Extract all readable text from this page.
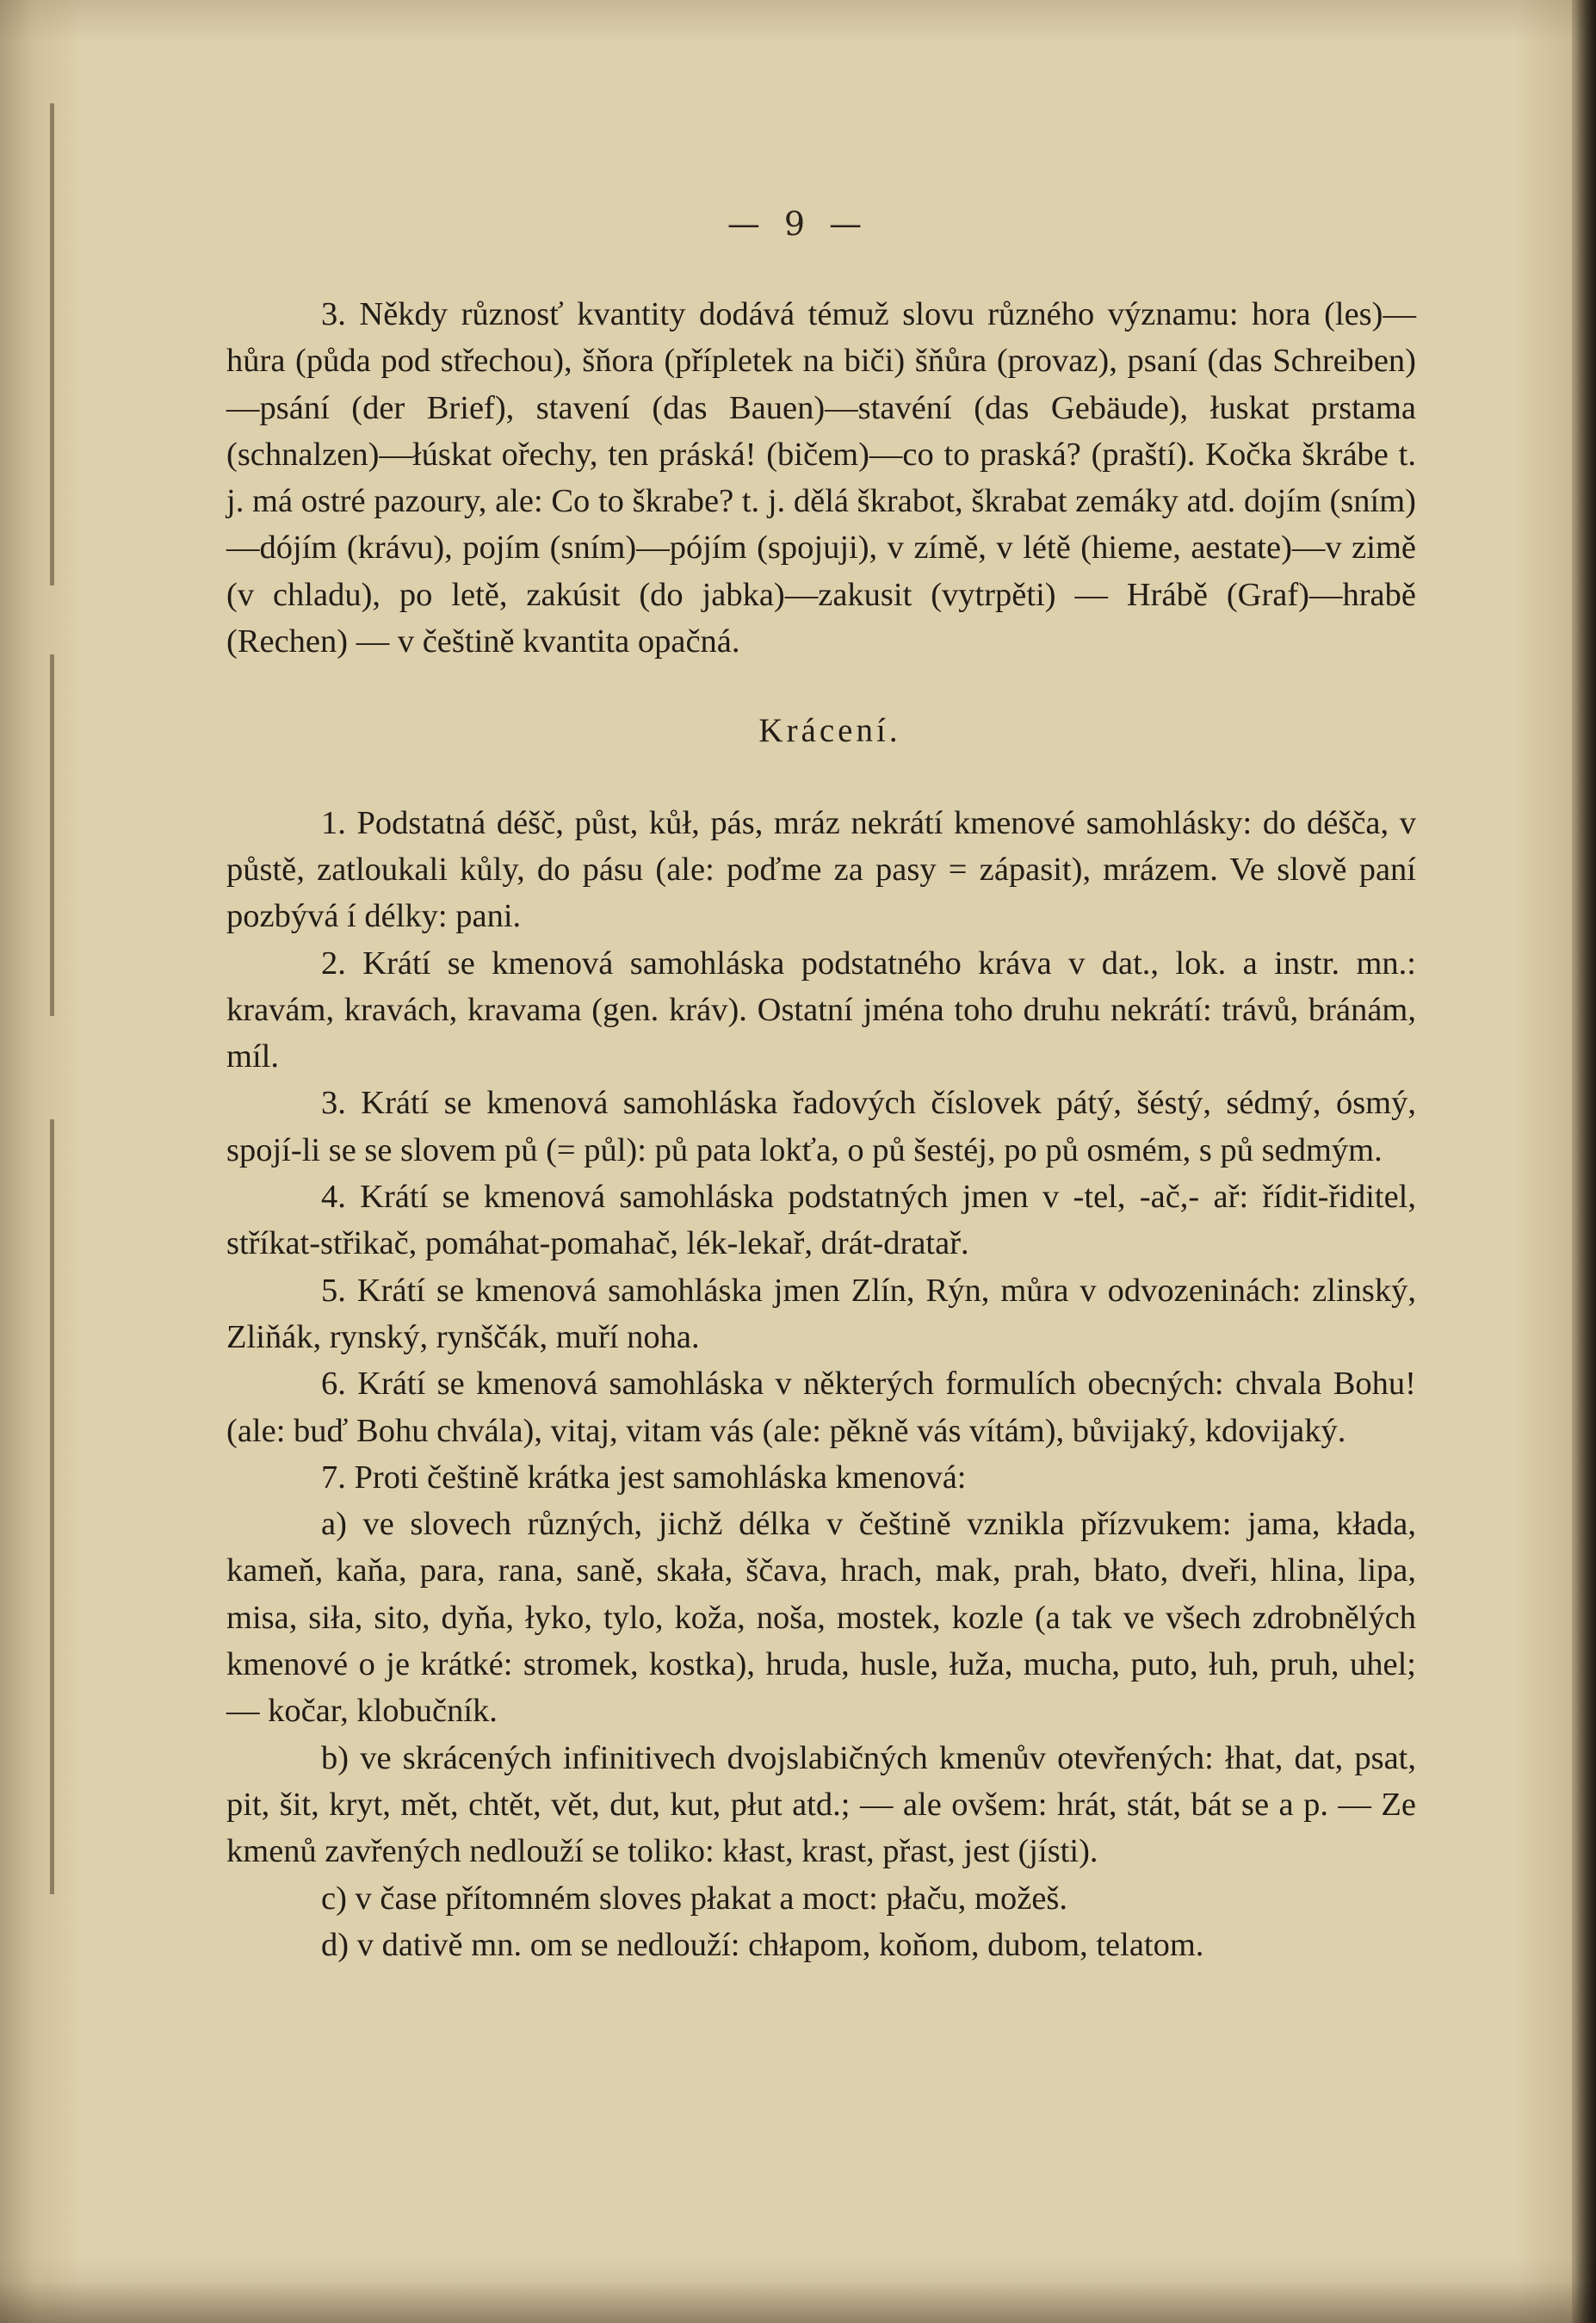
— 9 —

3. Někdy různosť kvantity dodává témuž slovu různého významu: hora (les)—hůra (půda pod střechou), šňora (přípletek na biči) šňůra (provaz), psaní (das Schreiben)—psání (der Brief), stavení (das Bauen)—stavéní (das Gebäude), łuskat prstama (schnalzen)—łúskat ořechy, ten práská! (bičem)—co to praská? (praští). Kočka škrábe t. j. má ostré pazoury, ale: Co to škrabe? t. j. dělá škrabot, škrabat zemáky atd. dojím (sním)—dójím (krávu), pojím (sním)—pójím (spojuji), v zímě, v létě (hieme, aestate)—v zimě (v chladu), po letě, zakúsit (do jabka)—zakusit (vytrpěti) — Hrábě (Graf)—hrabě (Rechen) — v češtině kvantita opačná.

Krácení.

1. Podstatná déšč, půst, kůł, pás, mráz nekrátí kmenové samohlásky: do déšča, v půstě, zatloukali kůly, do pásu (ale: poďme za pasy = zápasit), mrázem. Ve slově paní pozbývá í délky: pani.

2. Krátí se kmenová samohláska podstatného kráva v dat., lok. a instr. mn.: kravám, kravách, kravama (gen. kráv). Ostatní jména toho druhu nekrátí: trávů, bránám, míl.

3. Krátí se kmenová samohláska řadových číslovek pátý, šéstý, sédmý, ósmý, spojí-li se se slovem pů (= půl): pů pata lokťa, o pů šestéj, po pů osmém, s pů sedmým.

4. Krátí se kmenová samohláska podstatných jmen v -tel, -ač,- ař: řídit-řiditel, stříkat-střikač, pomáhat-pomahač, lék-lekař, drát-dratař.

5. Krátí se kmenová samohláska jmen Zlín, Rýn, můra v odvozeninách: zlinský, Zliňák, rynský, rynščák, muří noha.

6. Krátí se kmenová samohláska v některých formulích obecných: chvala Bohu! (ale: buď Bohu chvála), vitaj, vitam vás (ale: pěkně vás vítám), bůvijaký, kdovijaký.

7. Proti češtině krátka jest samohláska kmenová:

a) ve slovech různých, jichž délka v češtině vznikla přízvukem: jama, kłada, kameň, kaňa, para, rana, saně, skała, ščava, hrach, mak, prah, błato, dveři, hlina, lipa, misa, siła, sito, dyňa, łyko, tylo, koža, noša, mostek, kozle (a tak ve všech zdrobnělých kmenové o je krátké: stromek, kostka), hruda, husle, łuža, mucha, puto, łuh, pruh, uhel; — kočar, klobučník.

b) ve skrácených infinitivech dvojslabičných kmenův otevřených: łhat, dat, psat, pit, šit, kryt, mět, chtět, vět, dut, kut, płut atd.; — ale ovšem: hrát, stát, bát se a p. — Ze kmenů zavřených nedlouží se toliko: kłast, krast, přast, jest (jísti).

c) v čase přítomném sloves płakat a moct: płaču, možeš.

d) v dativě mn. om se nedlouží: chłapom, koňom, dubom, telatom.
